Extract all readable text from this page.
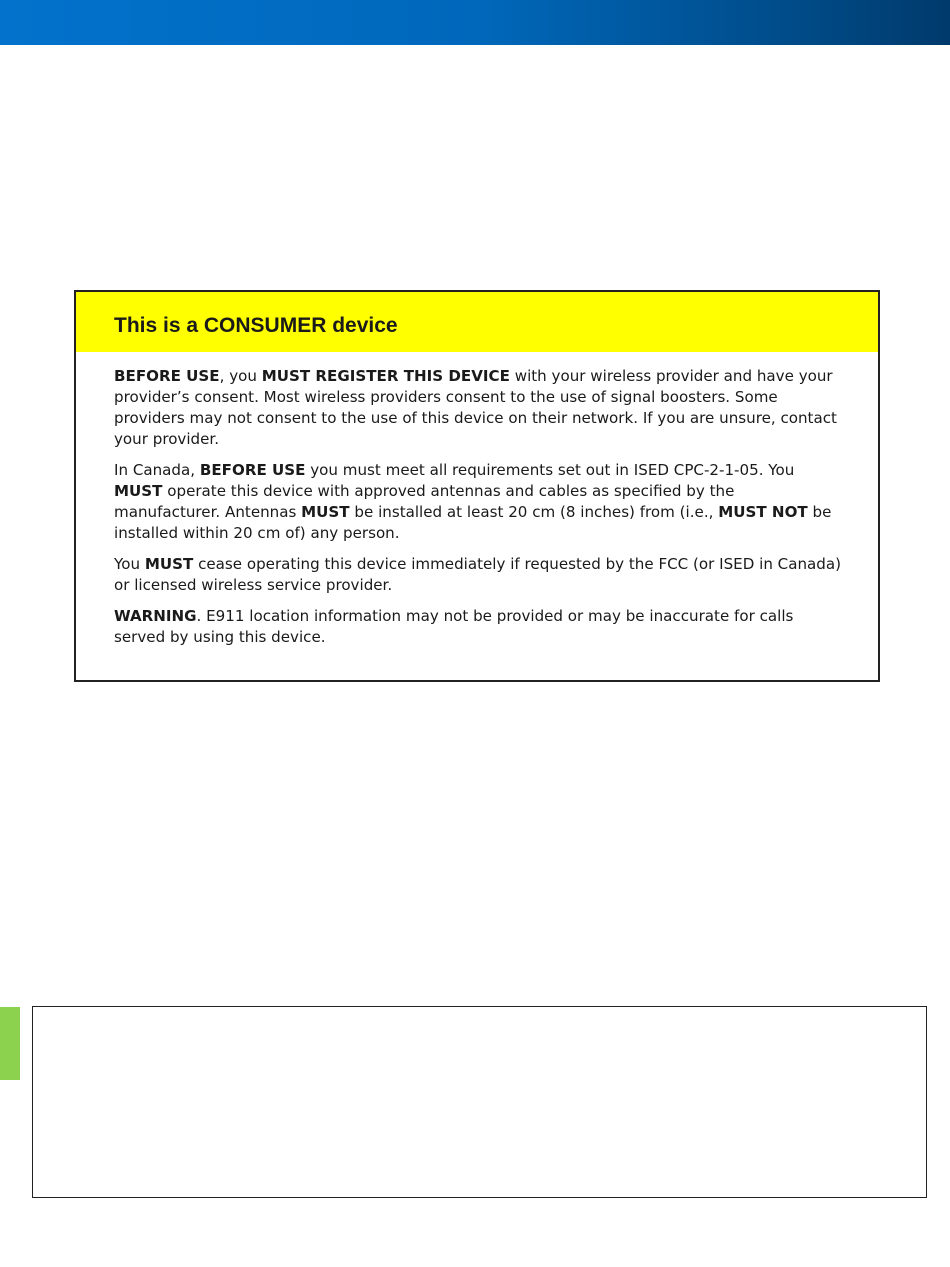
This is a CONSUMER device

BEFORE USE, you MUST REGISTER THIS DEVICE with your wireless provider and have your provider’s consent. Most wireless providers consent to the use of signal boosters. Some providers may not consent to the use of this device on their network. If you are unsure, contact your provider.

In Canada, BEFORE USE you must meet all requirements set out in ISED CPC-2-1-05. You MUST operate this device with approved antennas and cables as specified by the manufacturer. Antennas MUST be installed at least 20 cm (8 inches) from (i.e., MUST NOT be installed within 20 cm of) any person.

You MUST cease operating this device immediately if requested by the FCC (or ISED in Canada) or licensed wireless service provider.

WARNING. E911 location information may not be provided or may be inaccurate for calls served by using this device.
